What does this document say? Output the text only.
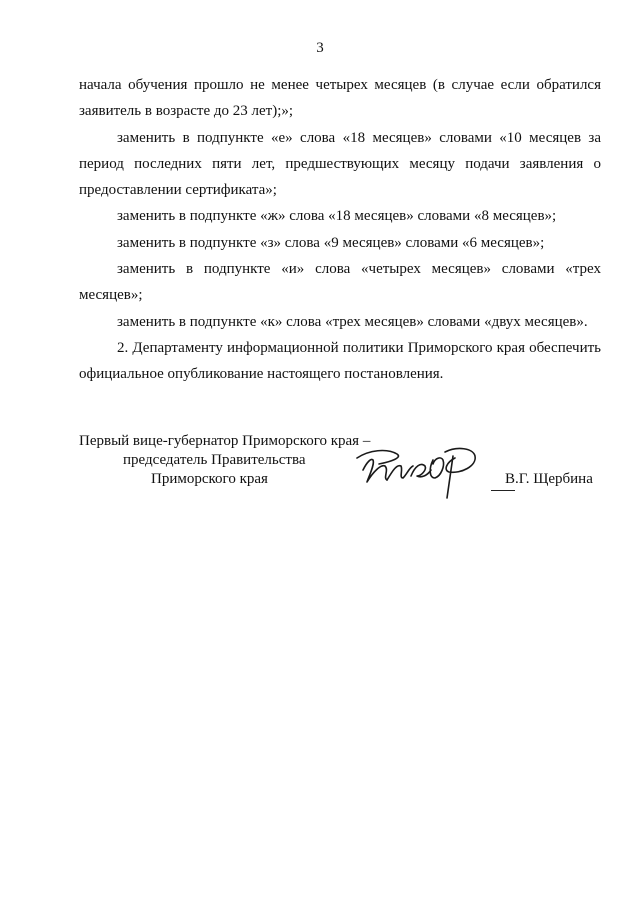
3

начала обучения прошло не менее четырех месяцев (в случае если обратился заявитель в возрасте до 23 лет);»;

заменить в подпункте «е» слова «18 месяцев» словами «10 месяцев за период последних пяти лет, предшествующих месяцу подачи заявления о предоставлении сертификата»;

заменить в подпункте «ж» слова «18 месяцев» словами «8 месяцев»;

заменить в подпункте «з» слова «9 месяцев» словами «6 месяцев»;

заменить в подпункте «и» слова «четырех месяцев» словами «трех месяцев»;

заменить в подпункте «к» слова «трех месяцев» словами «двух месяцев».

2. Департаменту информационной политики Приморского края обеспечить официальное опубликование настоящего постановления.

Первый вице-губернатор Приморского края –
председатель Правительства
Приморского края	В.Г. Щербина
